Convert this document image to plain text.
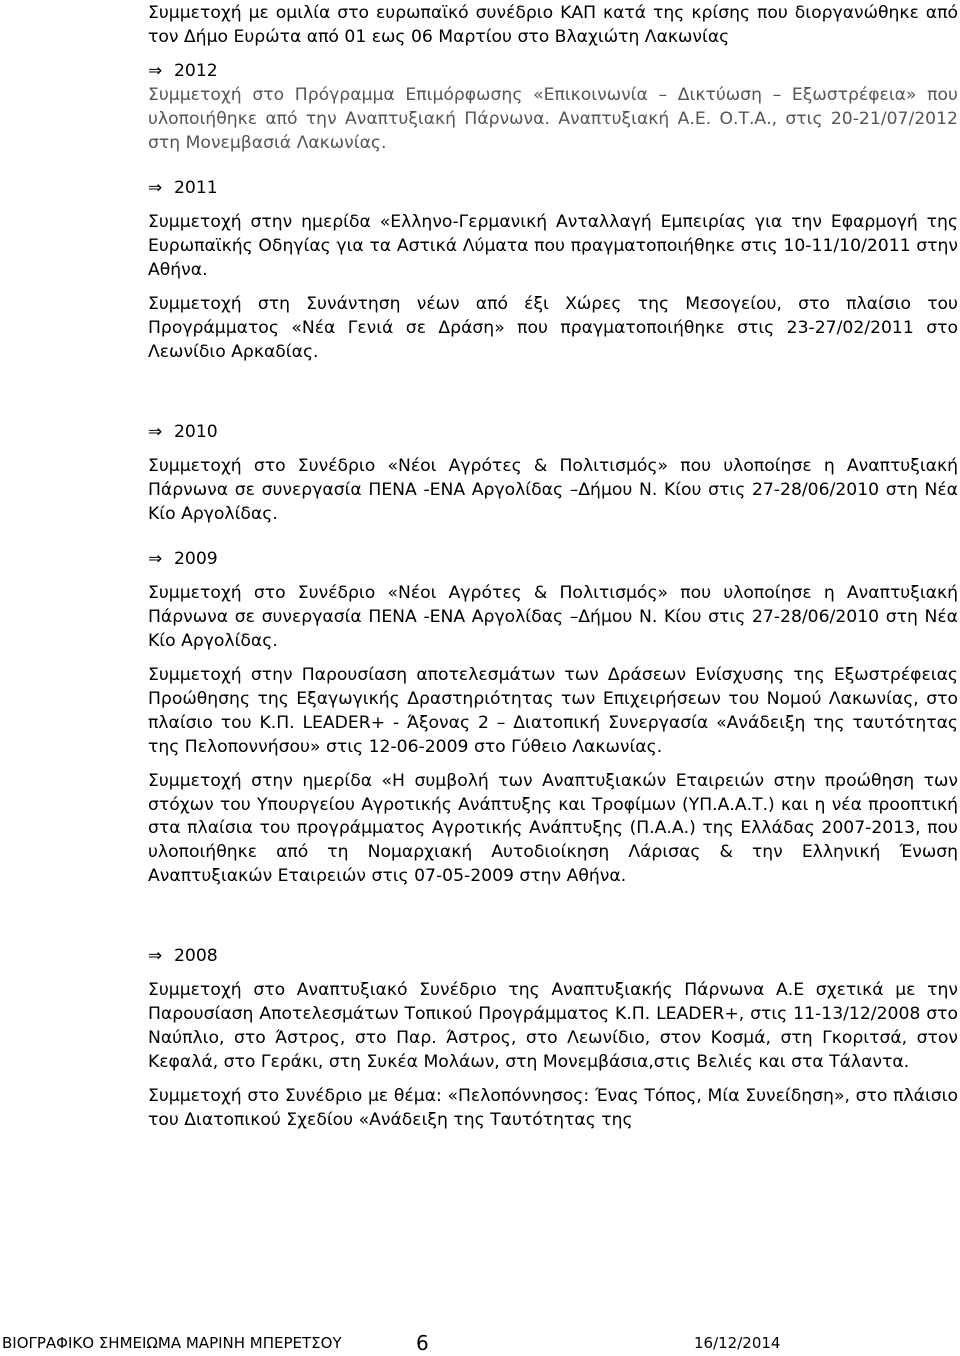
Συμμετοχή με ομιλία στο ευρωπαϊκό συνέδριο ΚΑΠ κατά της κρίσης που διοργανώθηκε από τον Δήμο Ευρώτα από 01 εως 06 Μαρτίου στο Βλαχιώτη Λακωνίας

⇒ 2012

Συμμετοχή στο Πρόγραμμα Επιμόρφωσης «Επικοινωνία – Δικτύωση – Εξωστρέφεια» που υλοποιήθηκε από την Αναπτυξιακή Πάρνωνα. Αναπτυξιακή Α.Ε. Ο.Τ.Α., στις 20-21/07/2012 στη Μονεμβασιά Λακωνίας.

⇒ 2011

Συμμετοχή στην ημερίδα «Ελληνο-Γερμανική Ανταλλαγή Εμπειρίας για την Εφαρμογή της Ευρωπαϊκής Οδηγίας για τα Αστικά Λύματα που πραγματοποιήθηκε στις 10-11/10/2011 στην Αθήνα.

Συμμετοχή στη Συνάντηση νέων από έξι Χώρες της Μεσογείου, στο πλαίσιο του Προγράμματος «Νέα Γενιά σε Δράση» που πραγματοποιήθηκε στις 23-27/02/2011 στο Λεωνίδιο Αρκαδίας.

⇒ 2010

Συμμετοχή στο Συνέδριο «Νέοι Αγρότες & Πολιτισμός» που υλοποίησε η Αναπτυξιακή Πάρνωνα σε συνεργασία ΠΕΝΑ -ΕΝΑ Αργολίδας –Δήμου Ν. Κίου στις 27-28/06/2010 στη Νέα Κίο Αργολίδας.

⇒ 2009

Συμμετοχή στο Συνέδριο «Νέοι Αγρότες & Πολιτισμός» που υλοποίησε η Αναπτυξιακή Πάρνωνα σε συνεργασία ΠΕΝΑ -ΕΝΑ Αργολίδας –Δήμου Ν. Κίου στις 27-28/06/2010 στη Νέα Κίο Αργολίδας.

Συμμετοχή στην Παρουσίαση αποτελεσμάτων των Δράσεων Ενίσχυσης της Εξωστρέφειας Προώθησης της Εξαγωγικής Δραστηριότητας των Επιχειρήσεων του Νομού Λακωνίας, στο πλαίσιο του Κ.Π. LEADER+ - Άξονας 2 – Διατοπική Συνεργασία «Ανάδειξη της ταυτότητας της Πελοποννήσου» στις 12-06-2009 στο Γύθειο Λακωνίας.

Συμμετοχή στην ημερίδα «Η συμβολή των Αναπτυξιακών Εταιρειών στην προώθηση των στόχων του Υπουργείου Αγροτικής Ανάπτυξης και Τροφίμων (ΥΠ.Α.Α.Τ.) και η νέα προοπτική στα πλαίσια του προγράμματος Αγροτικής Ανάπτυξης (Π.Α.Α.) της Ελλάδας 2007-2013, που υλοποιήθηκε από τη Νομαρχιακή Αυτοδιοίκηση Λάρισας & την Ελληνική Ένωση Αναπτυξιακών Εταιρειών στις 07-05-2009 στην Αθήνα.

⇒ 2008

Συμμετοχή στο Αναπτυξιακό Συνέδριο της Αναπτυξιακής Πάρνωνα Α.Ε σχετικά με την Παρουσίαση Αποτελεσμάτων Τοπικού Προγράμματος Κ.Π. LEADER+, στις 11-13/12/2008 στο Ναύπλιο, στο Άστρος, στο Παρ. Άστρος, στο Λεωνίδιο, στον Κοσμά, στη Γκοριτσά, στον Κεφαλά, στο Γεράκι, στη Συκέα Μολάων, στη Μονεμβάσια,στις Βελιές και στα Τάλαντα.

Συμμετοχή στο Συνέδριο με θέμα: «Πελοπόννησος: Ένας Τόπος, Μία Συνείδηση», στο πλάισιο του Διατοπικού Σχεδίου «Ανάδειξη της Ταυτότητας της

ΒΙΟΓΡΑΦΙΚΟ ΣΗΜΕΙΩΜΑ ΜΑΡΙΝΗ ΜΠΕΡΕΤΣΟΥ	6	16/12/2014
